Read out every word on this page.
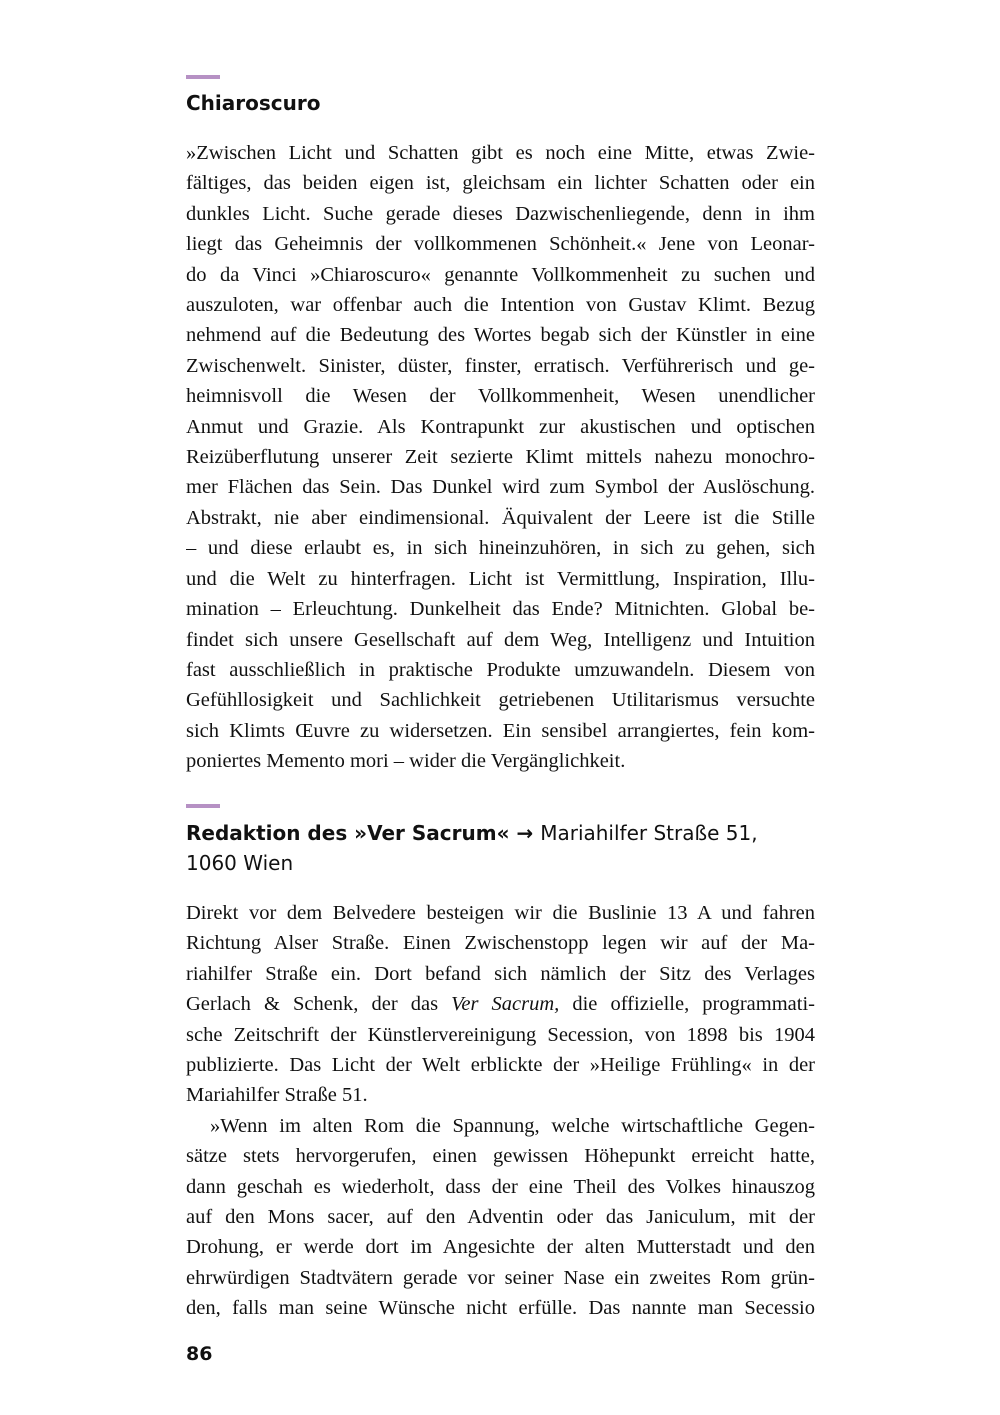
Chiaroscuro
»Zwischen Licht und Schatten gibt es noch eine Mitte, etwas Zwie-
fältiges, das beiden eigen ist, gleichsam ein lichter Schatten oder ein
dunkles Licht. Suche gerade dieses Dazwischenliegende, denn in ihm
liegt das Geheimnis der vollkommenen Schönheit.« Jene von Leonar-
do da Vinci »Chiaroscuro« genannte Vollkommenheit zu suchen und
auszuloten, war offenbar auch die Intention von Gustav Klimt. Bezug
nehmend auf die Bedeutung des Wortes begab sich der Künstler in eine
Zwischenwelt. Sinister, düster, finster, erratisch. Verführerisch und ge-
heimnisvoll die Wesen der Vollkommenheit, Wesen unendlicher
Anmut und Grazie. Als Kontrapunkt zur akustischen und optischen
Reizüberflutung unserer Zeit sezierte Klimt mittels nahezu monochro-
mer Flächen das Sein. Das Dunkel wird zum Symbol der Auslöschung.
Abstrakt, nie aber eindimensional. Äquivalent der Leere ist die Stille
– und diese erlaubt es, in sich hineinzuhören, in sich zu gehen, sich
und die Welt zu hinterfragen. Licht ist Vermittlung, Inspiration, Illu-
mination – Erleuchtung. Dunkelheit das Ende? Mitnichten. Global be-
findet sich unsere Gesellschaft auf dem Weg, Intelligenz und Intuition
fast ausschließlich in praktische Produkte umzuwandeln. Diesem von
Gefühllosigkeit und Sachlichkeit getriebenen Utilitarismus versuchte
sich Klimts Œuvre zu widersetzen. Ein sensibel arrangiertes, fein kom-
poniertes Memento mori – wider die Vergänglichkeit.
Redaktion des »Ver Sacrum« → Mariahilfer Straße 51,
1060 Wien
Direkt vor dem Belvedere besteigen wir die Buslinie 13 A und fahren
Richtung Alser Straße. Einen Zwischenstopp legen wir auf der Ma-
riahilfer Straße ein. Dort befand sich nämlich der Sitz des Verlages
Gerlach & Schenk, der das Ver Sacrum, die offizielle, programmati-
sche Zeitschrift der Künstlervereinigung Secession, von 1898 bis 1904
publizierte. Das Licht der Welt erblickte der »Heilige Frühling« in der
Mariahilfer Straße 51.
»Wenn im alten Rom die Spannung, welche wirtschaftliche Gegen-
sätze stets hervorgerufen, einen gewissen Höhepunkt erreicht hatte,
dann geschah es wiederholt, dass der eine Theil des Volkes hinauszog
auf den Mons sacer, auf den Adventin oder das Janiculum, mit der
Drohung, er werde dort im Angesichte der alten Mutterstadt und den
ehrwürdigen Stadtvätern gerade vor seiner Nase ein zweites Rom grün-
den, falls man seine Wünsche nicht erfülle. Das nannte man Secessio
86
